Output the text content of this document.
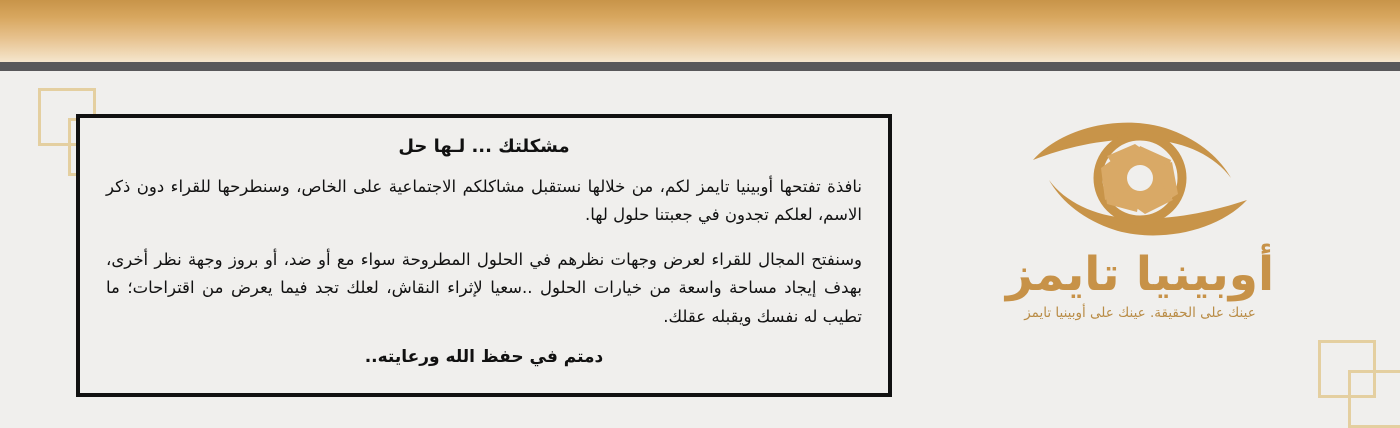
مشكلتك ... لـها حل

نافذة تفتحها أوبينيا تايمز لكم، من خلالها نستقبل مشاكلكم الاجتماعية على الخاص، وسنطرحها للقراء دون ذكر الاسم، لعلكم تجدون في جعبتنا حلول لها.

وسنفتح المجال للقراء لعرض وجهات نظرهم في الحلول المطروحة سواء مع أو ضد، أو بروز وجهة نظر أخرى، بهدف إيجاد مساحة واسعة من خيارات الحلول ..سعيا لإثراء النقاش، لعلك تجد فيما يعرض من اقتراحات؛ ما تطيب له نفسك ويقبله عقلك.

دمتم في حفظ الله ورعايته..
أوبينيا تايمز
عينك على الحقيقة. عينك على أوبينيا تايمز
